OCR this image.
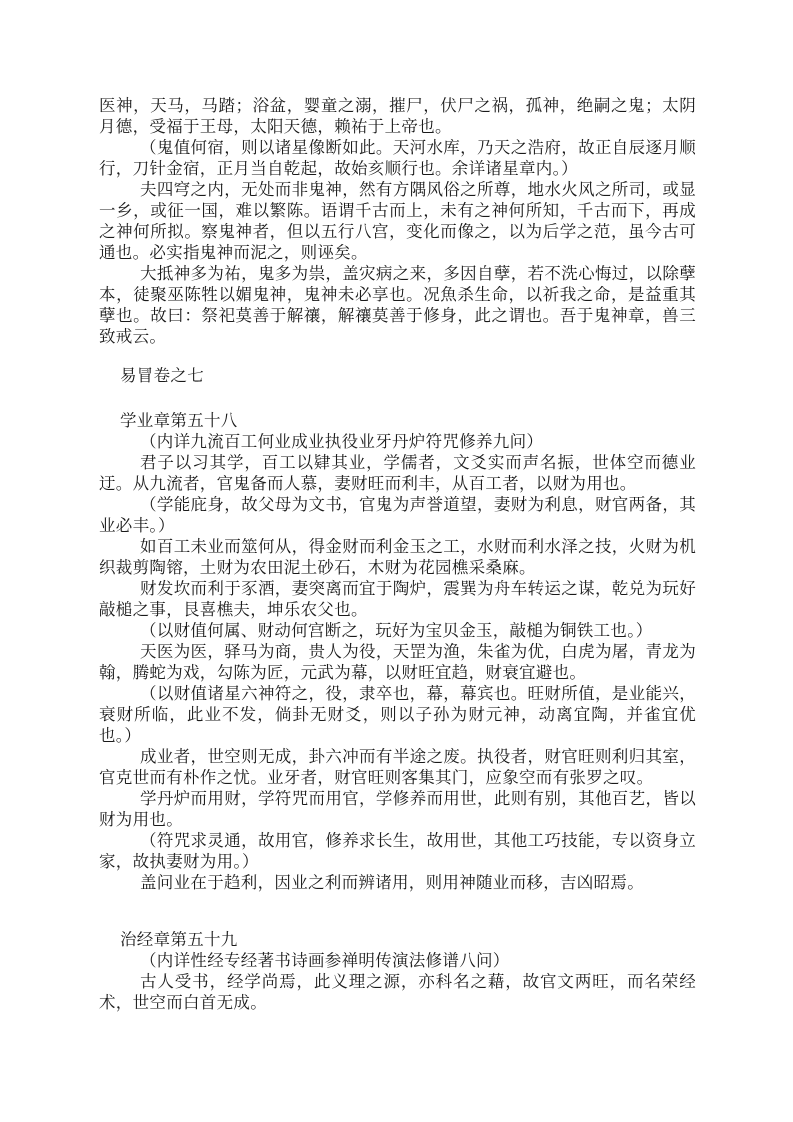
医神，天马，马踏；浴盆，婴童之溺，摧尸，伏尸之祸，孤神，绝嗣之鬼；太阴月德，受福于王母，太阳天德，赖祐于上帝也。
（鬼值何宿，则以诸星像断如此。天河水库，乃天之浩府，故正自辰逐月顺行，刀针金宿，正月当自乾起，故始亥顺行也。余详诸星章内。）
夫四穹之内，无处而非鬼神，然有方隅风俗之所尊，地水火风之所司，或显一乡，或征一国，难以繁陈。语谓千古而上，未有之神何所知，千古而下，再成之神何所拟。察鬼神者，但以五行八宫，变化而像之，以为后学之范，虽今古可通也。必实指鬼神而泥之，则诬矣。
大抵神多为祐，鬼多为祟，盖灾病之来，多因自孽，若不洗心悔过，以除孽本，徒聚巫陈牲以媚鬼神，鬼神未必享也。况魚杀生命，以祈我之命，是益重其孽也。故曰：祭祀莫善于解禳，解禳莫善于修身，此之谓也。吾于鬼神章，兽三致戒云。
易冒卷之七
学业章第五十八
（内详九流百工何业成业执役业牙丹炉符咒修养九问）
君子以习其学，百工以肄其业，学儒者，文爻实而声名振，世体空而德业迂。从九流者，官鬼备而人慕，妻财旺而利丰，从百工者，以财为用也。
（学能庇身，故父母为文书，官鬼为声誉道望，妻财为利息，财官两备，其业必丰。）
如百工未业而筮何从，得金财而利金玉之工，水财而利水泽之技，火财为机织裁剪陶镕，土财为农田泥土砂石，木财为花园樵采桑麻。
财发坎而利于豕酒，妻突离而宜于陶炉，震巽为舟车转运之谋，乾兑为玩好敲槌之事，艮喜樵夫，坤乐农父也。
（以财值何属、财动何宫断之，玩好为宝贝金玉，敲槌为铜铁工也。）
天医为医，驿马为商，贵人为役，天罡为渔，朱雀为优，白虎为屠，青龙为翰，腾蛇为戏，勾陈为匠，元武为幕，以财旺宜趋，财衰宜避也。
（以财值诸星六神符之，役，隶卒也，幕，幕宾也。旺财所值，是业能兴，衰财所临，此业不发，倘卦无财爻，则以子孙为财元神，动离宜陶，并雀宜优也。）
成业者，世空则无成，卦六冲而有半途之废。执役者，财官旺则利归其室，官克世而有朴作之忧。业牙者，财官旺则客集其门，应象空而有张罗之叹。
学丹炉而用财，学符咒而用官，学修养而用世，此则有别，其他百艺，皆以财为用也。
（符咒求灵通，故用官，修养求长生，故用世，其他工巧技能，专以资身立家，故执妻财为用。）
盖问业在于趋利，因业之利而辨诸用，则用神随业而移，吉凶昭焉。
治经章第五十九
（内详性经专经著书诗画参禅明传演法修谱八问）
古人受书，经学尚焉，此义理之源，亦科名之藉，故官文两旺，而名荣经术，世空而白首无成。
